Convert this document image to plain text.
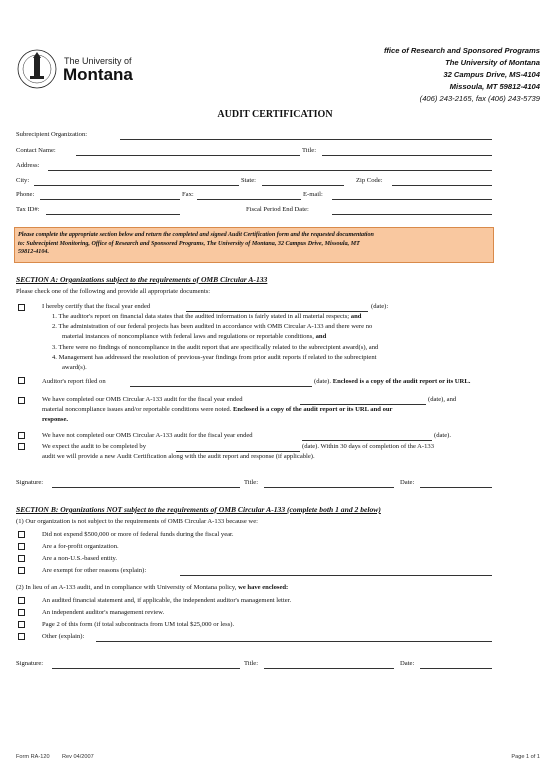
The University of
Montana
ffice of Research and Sponsored Programs
The University of Montana
32 Campus Drive, MS-4104
Missoula, MT 59812-4104
(406) 243-2165, fax (406) 243-5739
AUDIT CERTIFICATION
Subrecipient Organization:
Contact Name:	Title:
Address:
City:	State:	Zip Code:
Phone:	Fax:	E-mail:
Tax ID#:	Fiscal Period End Date:
Please complete the appropriate section below and return the completed and signed Audit Certification form and the requested documentation
to: Subrecipient Monitoring, Office of Research and Sponsored Programs, The University of Montana, 32 Campus Drive, Missoula, MT
59812-4104.
SECTION A: Organizations subject to the requirements of OMB Circular A-133
Please check one of the following and provide all appropriate documents:
I hereby certify that the fiscal year ended	(date):
1. The auditor's report on financial data states that the audited information is fairly stated in all material respects; and
2. The administration of our federal projects has been audited in accordance with OMB Circular A-133 and there were no
material instances of noncompliance with federal laws and regulations or reportable conditions, and
3. There were no findings of noncompliance in the audit report that are specifically related to the subrecipient award(s), and
4. Management has addressed the resolution of previous-year findings from prior audit reports if related to the subrecipient
award(s).
Auditor's report filed on	(date). Enclosed is a copy of the audit report or its URL.
We have completed our OMB Circular A-133 audit for the fiscal year ended	(date), and
material noncompliance issues and/or reportable conditions were noted. Enclosed is a copy of the audit report or its URL and our
response.
We have not completed our OMB Circular A-133 audit for the fiscal year ended	(date).
We expect the audit to be completed by	(date). Within 30 days of completion of the A-133
audit we will provide a new Audit Certification along with the audit report and response (if applicable).
Signature:	Title:	Date:
SECTION B: Organizations NOT subject to the requirements of OMB Circular A-133 (complete both 1 and 2 below)
(1) Our organization is not subject to the requirements of OMB Circular A-133 because we:
Did not expend $500,000 or more of federal funds during the fiscal year.
Are a for-profit organization.
Are a non-U.S.-based entity.
Are exempt for other reasons (explain):
(2) In lieu of an A-133 audit, and in compliance with University of Montana policy, we have enclosed:
An audited financial statement and, if applicable, the independent auditor's management letter.
An independent auditor's management review.
Page 2 of this form (if total subcontracts from UM total $25,000 or less).
Other (explain):
Signature:	Title:	Date:
Form RA-120 Rev 04/2007	Page 1 of 1
